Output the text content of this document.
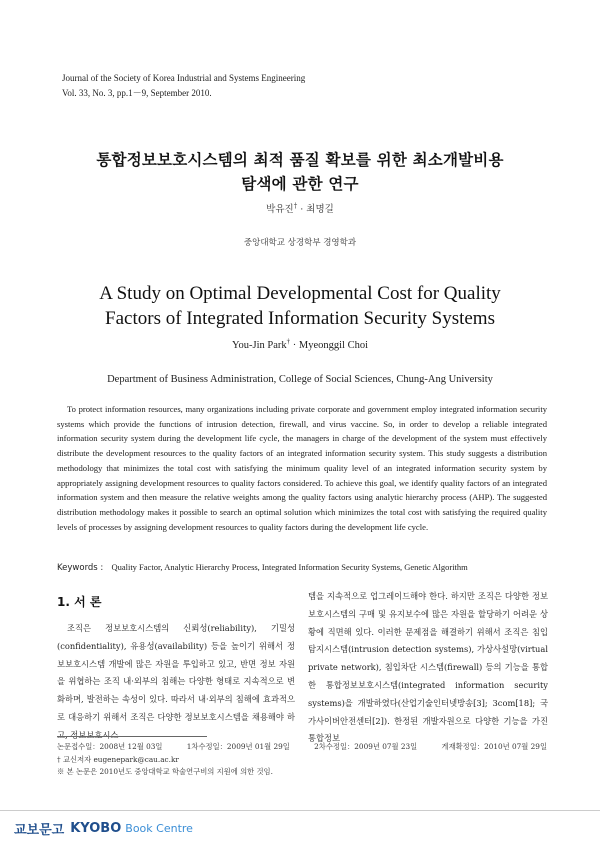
Journal of the Society of Korea Industrial and Systems Engineering
Vol. 33, No. 3, pp.1－9, September 2010.
통합정보보호시스템의 최적 품질 확보를 위한 최소개발비용
탐색에 관한 연구
박유진† · 최명길
중앙대학교 상경학부 경영학과
A Study on Optimal Developmental Cost for Quality
Factors of Integrated Information Security Systems
You-Jin Park† · Myeonggil Choi
Department of Business Administration, College of Social Sciences, Chung-Ang University
To protect information resources, many organizations including private corporate and government employ integrated information security systems which provide the functions of intrusion detection, firewall, and virus vaccine. So, in order to develop a reliable integrated information security system during the development life cycle, the managers in charge of the development of the system must effectively distribute the development resources to the quality factors of an integrated information security system. This study suggests a distribution methodology that minimizes the total cost with satisfying the minimum quality level of an integrated information security system by appropriately assigning development resources to quality factors considered. To achieve this goal, we identify quality factors of an integrated information system and then measure the relative weights among the quality factors using analytic hierarchy process (AHP). The suggested distribution methodology makes it possible to search an optimal solution which minimizes the total cost with satisfying the required quality levels of processes by assigning development resources to quality factors during the development life cycle.
Keywords : Quality Factor, Analytic Hierarchy Process, Integrated Information Security Systems, Genetic Algorithm
1. 서 론
조직은 정보보호시스템의 신뢰성(reliability), 기밀성(confidentiality), 유용성(availability) 등을 높이기 위해서 정보보호시스템 개발에 많은 자원을 투입하고 있고, 반면 정보 자원을 위협하는 조직 내·외부의 침해는 다양한 형태로 지속적으로 변화하며, 발전하는 속성이 있다. 따라서 내·외부의 침해에 효과적으로 대응하기 위해서 조직은 다양한 정보보호시스템을 채용해야 하고, 정보보호시스
템을 지속적으로 업그레이드해야 한다. 하지만 조직은 다양한 정보보호시스템의 구매 및 유지보수에 많은 자원을 할당하기 어려운 상황에 직면해 있다. 이러한 문제점을 해결하기 위해서 조직은 침입탐지시스템(intrusion detection systems), 가상사설망(virtual private network), 침입차단 시스템(firewall) 등의 기능을 통합한 통합정보보호시스템(integrated information security systems)을 개발하였다(산업기술인터넷방송[3]; 3com[18]; 국가사이버안전센터[2]). 한정된 개발자원으로 다양한 기능을 가진 통합정보
논문접수일：2008년 12월 03일	1차수정일：2009년 01월 29일	2차수정일：2009년 07월 23일	게재확정일：2010년 07월 29일
† 교신저자 eugenepark@cau.ac.kr
※ 본 논문은 2010년도 중앙대학교 학술연구비의 지원에 의한 것임.
교보문고 KYOBO Book Centre
